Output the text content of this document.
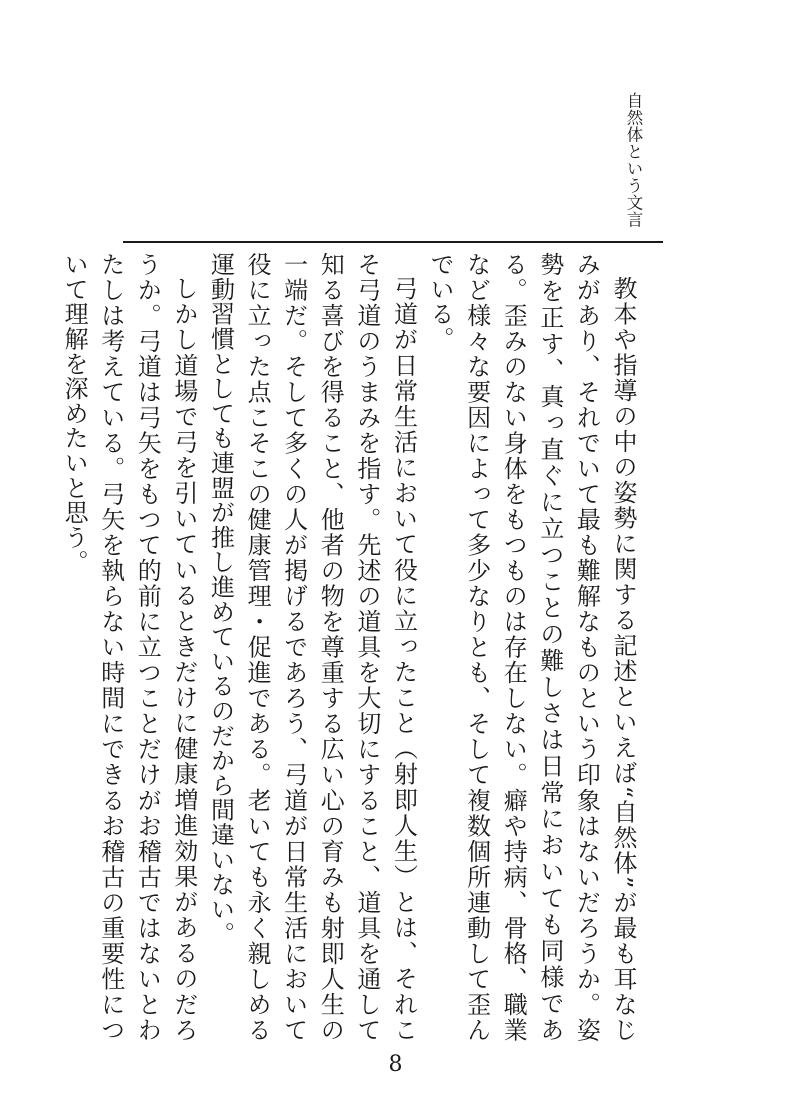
自然体という文言

教本や指導の中の姿勢に関する記述といえば“自然体”が最も耳なじみがあり、それでいて最も難解なものという印象はないだろうか。姿勢を正す、真っ直ぐに立つことの難しさは日常においても同様である。歪みのない身体をもつものは存在しない。癖や持病、骨格、職業など様々な要因によって多少なりとも、そして複数個所連動して歪んでいる。

弓道が日常生活において役に立ったこと（射即人生）とは、それこそ弓道のうまみを指す。先述の道具を大切にすること、道具を通して知る喜びを得ること、他者の物を尊重する広い心の育みも射即人生の一端だ。そして多くの人が掲げるであろう、弓道が日常生活において役に立った点こそこの健康管理・促進である。老いても永く親しめる運動習慣としても連盟が推し進めているのだから間違いない。

しかし道場で弓を引いているときだけに健康増進効果があるのだろうか。弓道は弓矢をもつて的前に立つことだけがお稽古ではないとわたしは考えている。弓矢を執らない時間にできるお稽古の重要性について理解を深めたいと思う。

8
